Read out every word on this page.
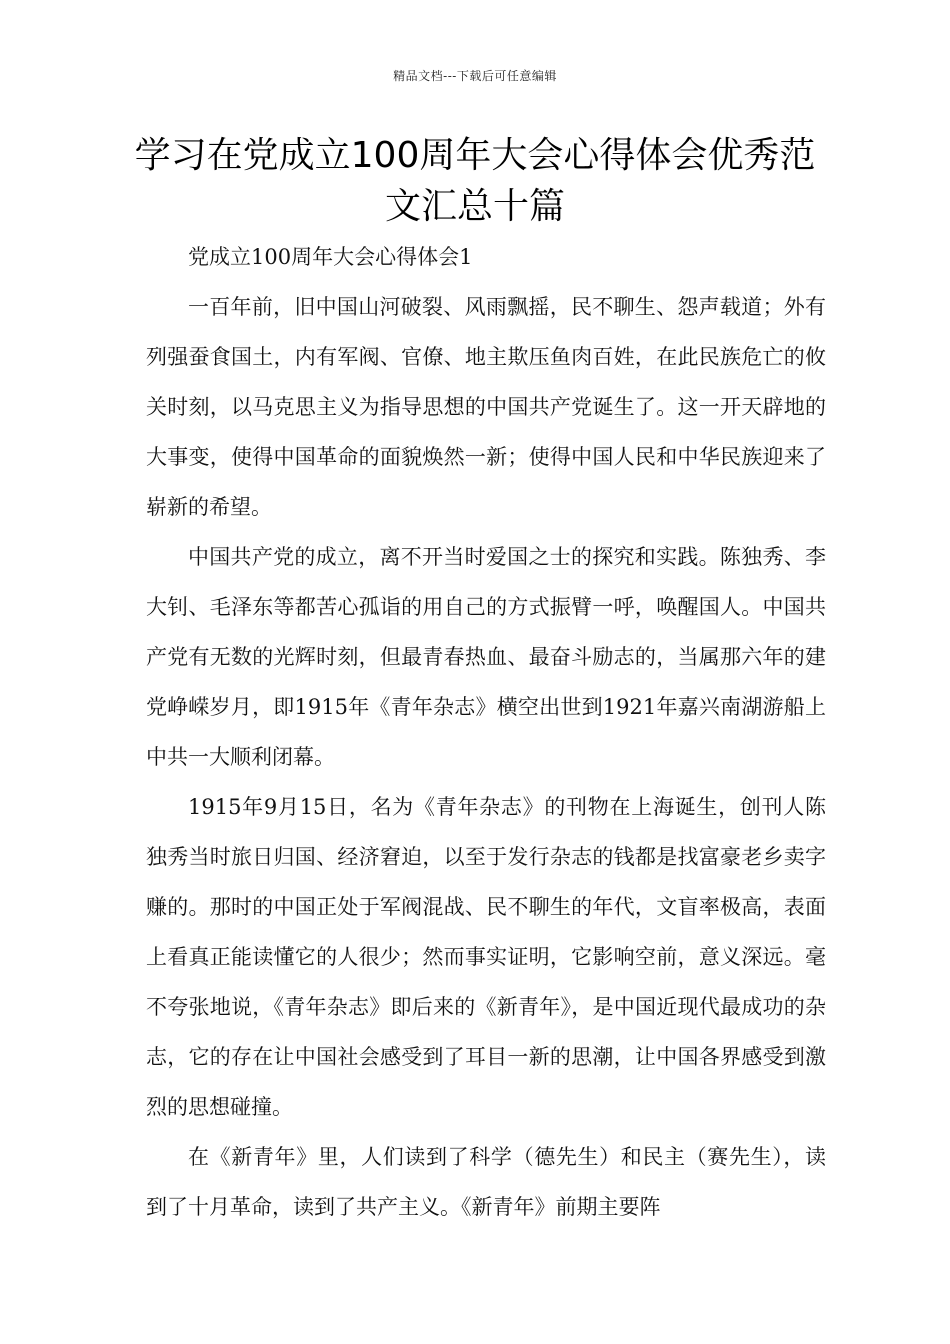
精品文档---下载后可任意编辑
学习在党成立100周年大会心得体会优秀范文汇总十篇

党成立100周年大会心得体会1

一百年前，旧中国山河破裂、风雨飘摇，民不聊生、怨声载道；外有列强蚕食国土，内有军阀、官僚、地主欺压鱼肉百姓，在此民族危亡的攸关时刻，以马克思主义为指导思想的中国共产党诞生了。这一开天辟地的大事变，使得中国革命的面貌焕然一新；使得中国人民和中华民族迎来了崭新的希望。

中国共产党的成立，离不开当时爱国之士的探究和实践。陈独秀、李大钊、毛泽东等都苦心孤诣的用自己的方式振臂一呼，唤醒国人。中国共产党有无数的光辉时刻，但最青春热血、最奋斗励志的，当属那六年的建党峥嵘岁月，即1915年《青年杂志》横空出世到1921年嘉兴南湖游船上中共一大顺利闭幕。

1915年9月15日，名为《青年杂志》的刊物在上海诞生，创刊人陈独秀当时旅日归国、经济窘迫，以至于发行杂志的钱都是找富豪老乡卖字赚的。那时的中国正处于军阀混战、民不聊生的年代，文盲率极高，表面上看真正能读懂它的人很少；然而事实证明，它影响空前，意义深远。毫不夸张地说，《青年杂志》即后来的《新青年》，是中国近现代最成功的杂志，它的存在让中国社会感受到了耳目一新的思潮，让中国各界感受到激烈的思想碰撞。

在《新青年》里，人们读到了科学（德先生）和民主（赛先生），读到了十月革命，读到了共产主义。《新青年》前期主要阵
